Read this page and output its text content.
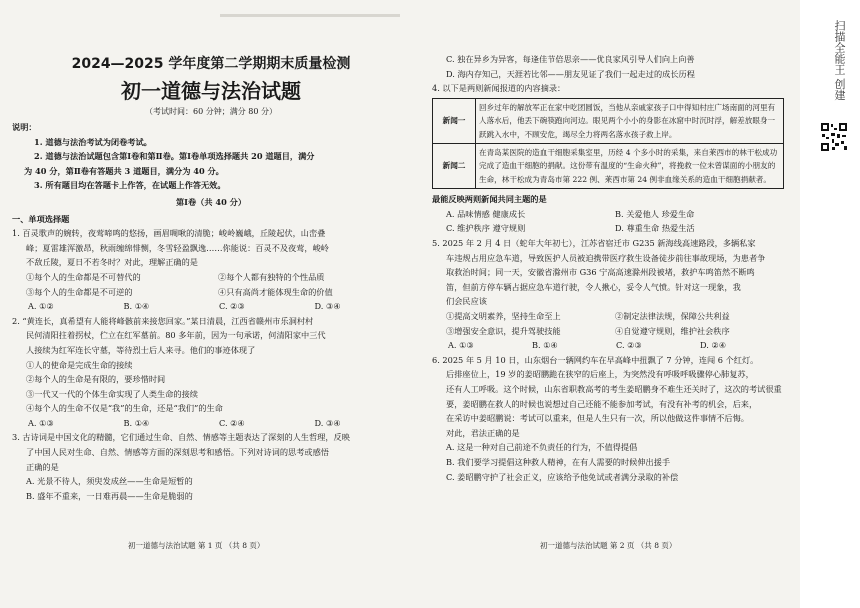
2024—2025 学年度第二学期期末质量检测
初一道德与法治试题
（考试时间：60 分钟；满分 80 分）
说明：
1. 道德与法治考试为闭卷考试。
2. 道德与法治试题包含第Ⅰ卷和第Ⅱ卷。第Ⅰ卷单项选择题共 20 道题目，满分
为 40 分，第Ⅱ卷有答题共 3 道题目，满分为 40 分。
3. 所有题目均在答题卡上作答，在试题上作答无效。
第Ⅰ卷（共 40 分）
一、单项选择题
1. 百灵歌声的婉转，夜莺啼鸣的悠扬，画眉啁啾的清脆；峻岭巍峨，丘陵起伏，山峦叠
峰；夏雷雄浑激昂，秋雨缠绵悱恻，冬雪轻盈飘逸……你能说：百灵不及夜莺，峻岭
不敌丘陵，夏日不若冬时？对此，理解正确的是
①每个人的生命都是不可替代的	②每个人都有独特的个性品质
③每个人的生命都是不可逆的	④只有高尚才能体现生命的价值
A. ①②	B. ①④	C. ②③	D. ③④
2. “黄连长，真希望有人能将峰骸前来接您回家。”某日清晨，江西省赣州市乐洞村村
民何清阳拄着拐杖，伫立在红军墓前。80 多年前，因为一句承诺，何清阳家中三代
人接续为红军连长守墓，等待烈士后人来寻。他们的事迹体现了
①人的使命是完成生命的接续
②每个人的生命是有限的，要珍惜时间
③一代又一代的个体生命实现了人类生命的接续
④每个人的生命不仅是“我”的生命，还是“我们”的生命
A. ①③	B. ①④	C. ②④	D. ③④
3. 古诗词是中国文化的精髓，它们通过生命、自然、情感等主题表达了深刻的人生哲理，反映
了中国人民对生命、自然、情感等方面的深刻思考和感悟。下列对诗词的思考或感悟
正确的是
A. 光景不待人，须臾发成丝——生命是短暂的
B. 盛年不重来，一日难再晨——生命是脆弱的
初一道德与法治试题 第 1 页 （共 8 页）
C. 独在异乡为异客，每逢佳节倍思亲——优良家风引导人们向上向善
D. 海内存知己，天涯若比邻——朋友见证了我们一起走过的成长历程
4. 以下是两则新闻报道的内容摘录：
新闻一	回乡过年的解放军正在家中吃团圆饭，当他从亲戚家孩子口中得知村庄广场南面的河里有人落水后，他丢下碗筷跑向河边。眼见两个小小的身影在冰窟中时沉时浮，解差放眼身一跃跳入水中，不顾安危，竭尽全力将两名落水孩子救上岸。
新闻二	在青岛某医院的造血干细胞采集室里，历经 4 个多小时的采集，来自莱西市的林干松成功完成了造血干细胞的捐献。这份带有温度的“生命火种”，将挽救一位未曾谋面的小朋友的生命，林干松成为青岛市第 222 例、莱西市第 24 例非血缘关系的造血干细胞捐献者。
最能反映两则新闻共同主题的是
A. 品味情感 健康成长	B. 关爱他人 珍爱生命
C. 维护秩序 遵守规则	D. 尊重生命 热爱生活
5. 2025 年 2 月 4 日（蛇年大年初七），江苏省宿迁市 G235 新海线高速路段，多辆私家
车违规占用应急车道，导致医护人员被迫携带医疗救生设备徒步前往事故现场，为患者争
取救治时间；同一天，安徽省滁州市 G36 宁高高速滁州段被堵，救护车鸣笛然不断鸣
笛，但前方停车辆占据应急车道行驶，令人揪心，妥令人气愤。针对这一现象，我
们会民应该
①提高文明素养，坚持生命至上	②制定法律法规，保障公共利益
③增强安全意识，提升驾驶技能	④自觉遵守规则，维护社会秩序
A. ①③	B. ①④	C. ②③	D. ②④
6. 2025 年 5 月 10 日，山东烟台一辆网约车在早高峰中扭飘了 7 分钟，连闯 6 个红灯。
后排座位上，19 岁的姜昭鹏跪在狭窄的后座上，为突然没有呼吸呼吸骤停心肺复苏，
还有人工呼吸。这个时候，山东省职教高考的考生姜昭鹏身不难生还关时了，这次的考试很重
要，姜昭鹏在救人的时候也说想过自己还能不能参加考试，有没有补考的机会，后来，
在采访中姜昭鹏说：考试可以重来，但是人生只有一次，所以他做这件事情不后悔。
对此，君法正确的是
A. 这是一种对自己前途不负责任的行为，不值得提倡
B. 我们要学习提倡这种救人精神，在有人需要的时候伸出援手
C. 姜昭鹏守护了社会正义，应该给予他免试或者满分录取的补偿
初一道德与法治试题 第 2 页 （共 8 页）
扫描全能王 创建
